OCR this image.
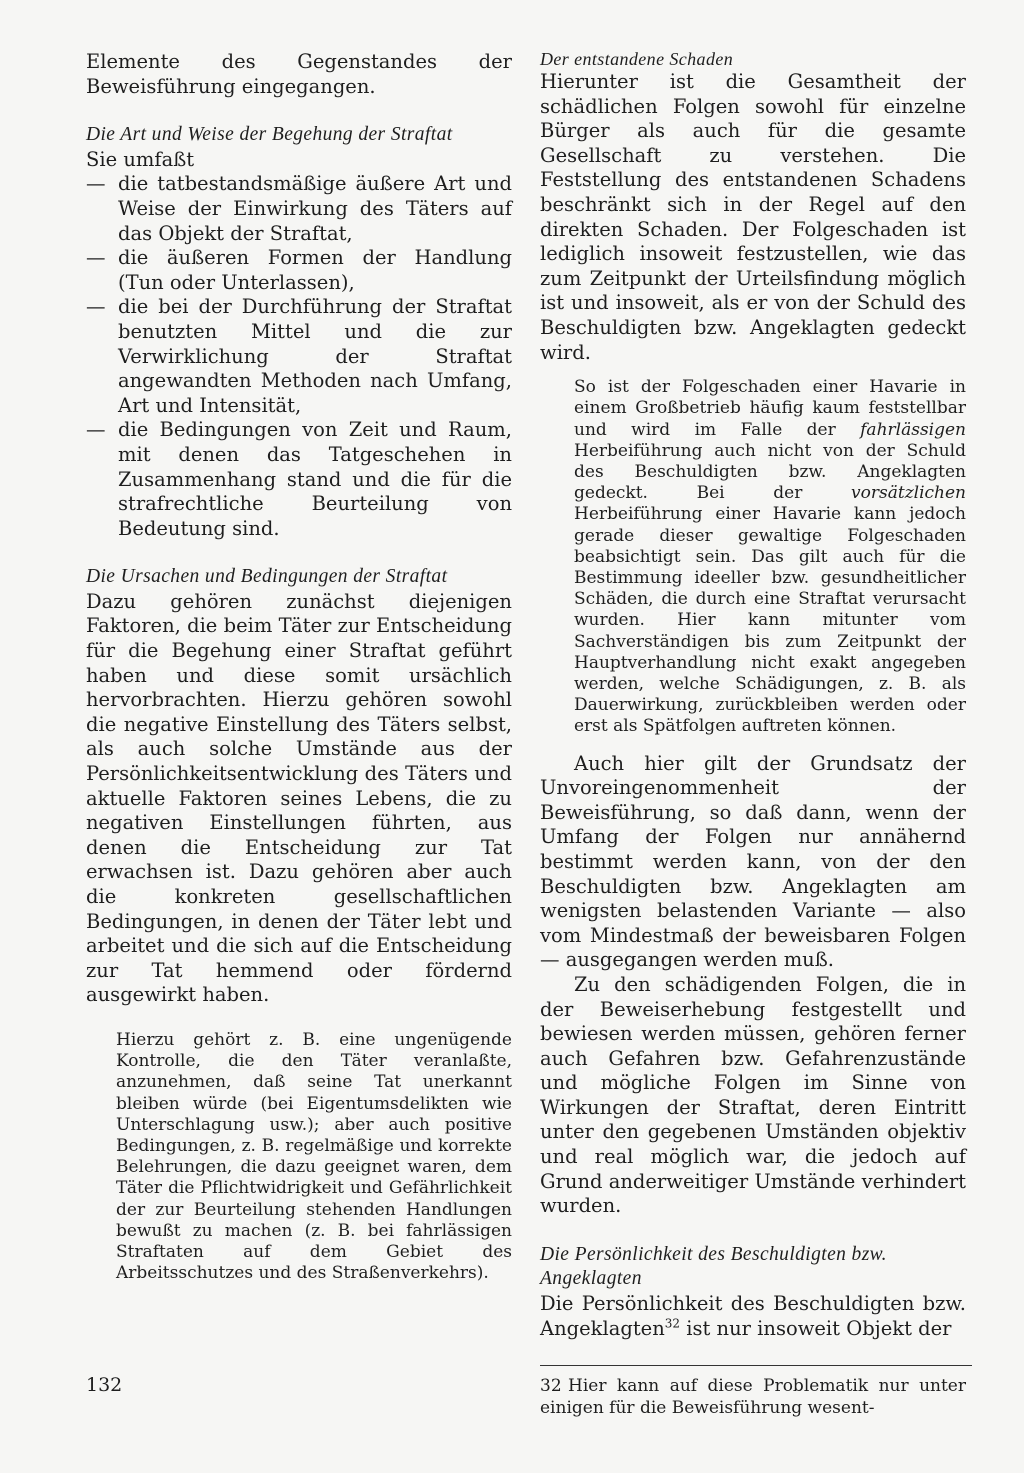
Elemente des Gegenstandes der Beweisführung eingegangen.

Die Art und Weise der Begehung der Straftat

Sie umfaßt

— die tatbestandsmäßige äußere Art und Weise der Einwirkung des Täters auf das Objekt der Straftat,
— die äußeren Formen der Handlung (Tun oder Unterlassen),
— die bei der Durchführung der Straftat benutzten Mittel und die zur Verwirklichung der Straftat angewandten Methoden nach Umfang, Art und Intensität,
— die Bedingungen von Zeit und Raum, mit denen das Tatgeschehen in Zusammenhang stand und die für die strafrechtliche Beurteilung von Bedeutung sind.
Die Ursachen und Bedingungen der Straftat

Dazu gehören zunächst diejenigen Faktoren, die beim Täter zur Entscheidung für die Begehung einer Straftat geführt haben und diese somit ursächlich hervorbrachten. Hierzu gehören sowohl die negative Einstellung des Täters selbst, als auch solche Umstände aus der Persönlichkeitsentwicklung des Täters und aktuelle Faktoren seines Lebens, die zu negativen Einstellungen führten, aus denen die Entscheidung zur Tat erwachsen ist. Dazu gehören aber auch die konkreten gesellschaftlichen Bedingungen, in denen der Täter lebt und arbeitet und die sich auf die Entscheidung zur Tat hemmend oder fördernd ausgewirkt haben.

Hierzu gehört z. B. eine ungenügende Kontrolle, die den Täter veranlaßte, anzunehmen, daß seine Tat unerkannt bleiben würde (bei Eigentumsdelikten wie Unterschlagung usw.); aber auch positive Bedingungen, z. B. regelmäßige und korrekte Belehrungen, die dazu geeignet waren, dem Täter die Pflichtwidrigkeit und Gefährlichkeit der zur Beurteilung stehenden Handlungen bewußt zu machen (z. B. bei fahrlässigen Straftaten auf dem Gebiet des Arbeitsschutzes und des Straßenverkehrs).

Der entstandene Schaden

Hierunter ist die Gesamtheit der schädlichen Folgen sowohl für einzelne Bürger als auch für die gesamte Gesellschaft zu verstehen. Die Feststellung des entstandenen Schadens beschränkt sich in der Regel auf den direkten Schaden. Der Folgeschaden ist lediglich insoweit festzustellen, wie das zum Zeitpunkt der Urteilsfindung möglich ist und insoweit, als er von der Schuld des Beschuldigten bzw. Angeklagten gedeckt wird.

So ist der Folgeschaden einer Havarie in einem Großbetrieb häufig kaum feststellbar und wird im Falle der fahrlässigen Herbeiführung auch nicht von der Schuld des Beschuldigten bzw. Angeklagten gedeckt. Bei der vorsätzlichen Herbeiführung einer Havarie kann jedoch gerade dieser gewaltige Folgeschaden beabsichtigt sein. Das gilt auch für die Bestimmung ideeller bzw. gesundheitlicher Schäden, die durch eine Straftat verursacht wurden. Hier kann mitunter vom Sachverständigen bis zum Zeitpunkt der Hauptverhandlung nicht exakt angegeben werden, welche Schädigungen, z. B. als Dauerwirkung, zurückbleiben werden oder erst als Spätfolgen auftreten können.

Auch hier gilt der Grundsatz der Unvoreingenommenheit der Beweisführung, so daß dann, wenn der Umfang der Folgen nur annähernd bestimmt werden kann, von der den Beschuldigten bzw. Angeklagten am wenigsten belastenden Variante — also vom Mindestmaß der beweisbaren Folgen — ausgegangen werden muß.

Zu den schädigenden Folgen, die in der Beweiserhebung festgestellt und bewiesen werden müssen, gehören ferner auch Gefahren bzw. Gefahrenzustände und mögliche Folgen im Sinne von Wirkungen der Straftat, deren Eintritt unter den gegebenen Umständen objektiv und real möglich war, die jedoch auf Grund anderweitiger Umstände verhindert wurden.

Die Persönlichkeit des Beschuldigten bzw. Angeklagten

Die Persönlichkeit des Beschuldigten bzw. Angeklagten$^{32}$ ist nur insoweit Objekt der

32 Hier kann auf diese Problematik nur unter einigen für die Beweisführung wesent-

132
